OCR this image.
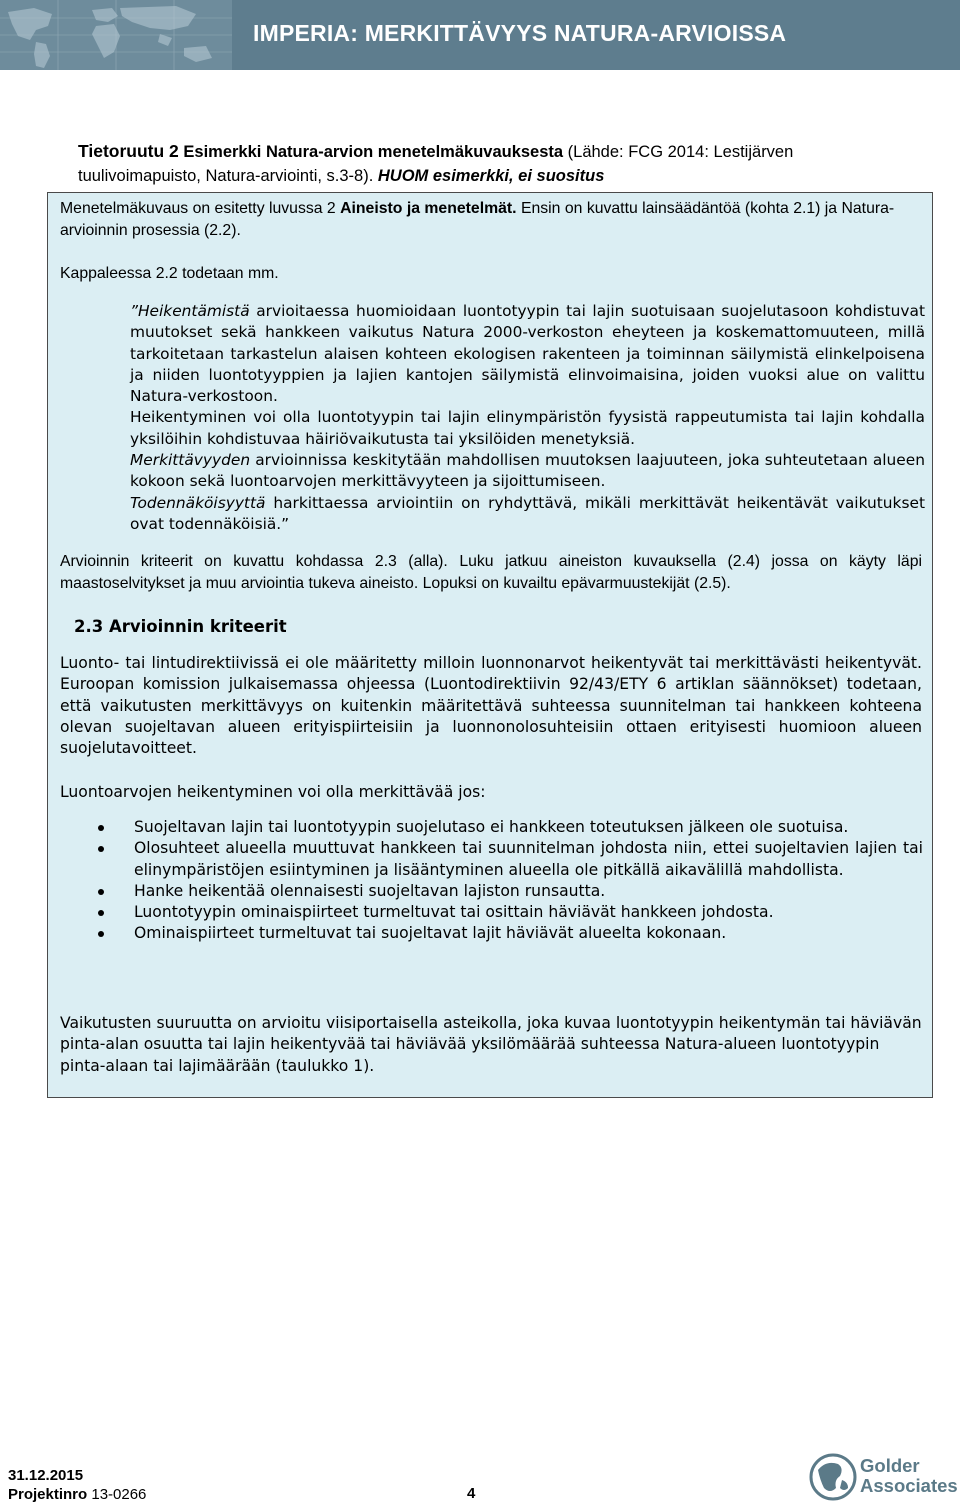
IMPERIA: MERKITTÄVYYS NATURA-ARVIOISSA
Tietoruutu 2 Esimerkki Natura-arvion menetelmäkuvauksesta (Lähde: FCG 2014: Lestijärven tuulivoimapuisto, Natura-arviointi, s.3-8). HUOM esimerkki, ei suositus
Menetelmäkuvaus on esitetty luvussa 2 Aineisto ja menetelmät. Ensin on kuvattu lainsäädäntöä (kohta 2.1) ja Natura-arvioinnin prosessia (2.2).
Kappaleessa 2.2 todetaan mm.
”Heikentämistä arvioitaessa huomioidaan luontotyypin tai lajin suotuisaan suojelutasoon kohdistuvat muutokset sekä hankkeen vaikutus Natura 2000-verkoston eheyteen ja koskemattomuuteen, millä tarkoitetaan tarkastelun alaisen kohteen ekologisen rakenteen ja toiminnan säilymistä elinkelpoisena ja niiden luontotyyppien ja lajien kantojen säilymistä elinvoimaisina, joiden vuoksi alue on valittu Natura-verkostoon.
Heikentyminen voi olla luontotyypin tai lajin elinympäristön fyysistä rappeutumista tai lajin kohdalla yksilöihin kohdistuvaa häiriövaikutusta tai yksilöiden menetyksiä.
Merkittävyyden arvioinnissa keskitytään mahdollisen muutoksen laajuuteen, joka suhteutetaan alueen kokoon sekä luontoarvojen merkittävyyteen ja sijoittumiseen.
Todennäköisyyttä harkittaessa arviointiin on ryhdyttävä, mikäli merkittävät heikentävät vaikutukset ovat todennäköisiä.”
Arvioinnin kriteerit on kuvattu kohdassa 2.3 (alla). Luku jatkuu aineiston kuvauksella (2.4) jossa on käyty läpi maastoselvitykset ja muu arviointia tukeva aineisto. Lopuksi on kuvailtu epävarmuustekijät (2.5).
2.3 Arvioinnin kriteerit
Luonto- tai lintudirektiivissä ei ole määritetty milloin luonnonarvot heikentyvät tai merkittävästi heikentyvät. Euroopan komission julkaisemassa ohjeessa (Luontodirektiivin 92/43/ETY 6 artiklan säännökset) todetaan, että vaikutusten merkittävyys on kuitenkin määritettävä suhteessa suunnitelman tai hankkeen kohteena olevan suojeltavan alueen erityispiirteisiin ja luonnonolosuhteisiin ottaen erityisesti huomioon alueen suojelutavoitteet.
Luontoarvojen heikentyminen voi olla merkittävää jos:
Suojeltavan lajin tai luontotyypin suojelutaso ei hankkeen toteutuksen jälkeen ole suotuisa.
Olosuhteet alueella muuttuvat hankkeen tai suunnitelman johdosta niin, ettei suojeltavien lajien tai elinympäristöjen esiintyminen ja lisääntyminen alueella ole pitkällä aikavälillä mahdollista.
Hanke heikentää olennaisesti suojeltavan lajiston runsautta.
Luontotyypin ominaispiirteet turmeltuvat tai osittain häviävät hankkeen johdosta.
Ominaispiirteet turmeltuvat tai suojeltavat lajit häviävät alueelta kokonaan.
Vaikutusten suuruutta on arvioitu viisiportaisella asteikolla, joka kuvaa luontotyypin heikentymän tai häviävän pinta-alan osuutta tai lajin heikentyvää tai häviävää yksilömäärää suhteessa Natura-alueen luontotyypin pinta-alaan tai lajimäärään (taulukko 1).
31.12.2015
Projektinro 13-0266	4
Golder
Associates
